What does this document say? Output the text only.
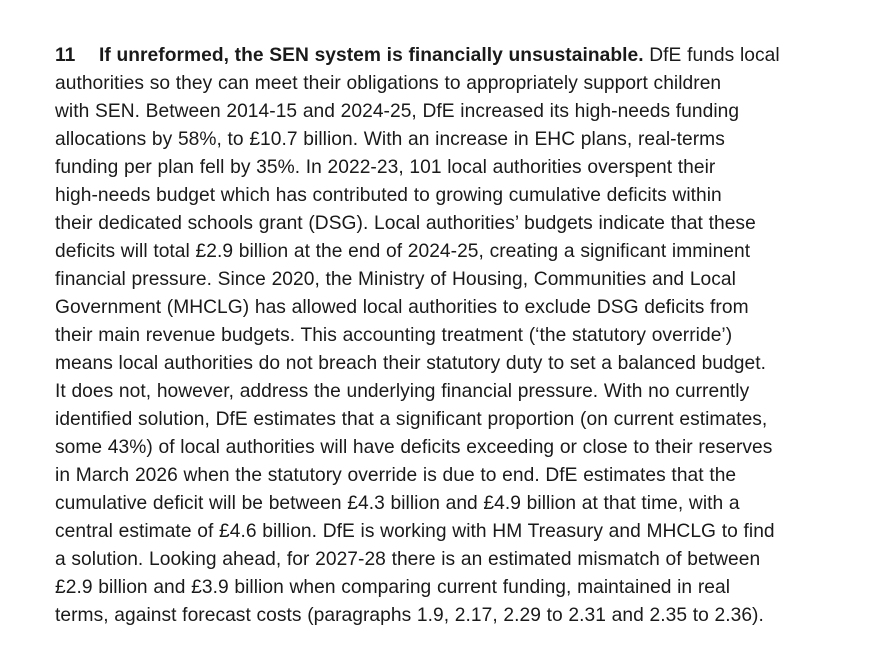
11 If unreformed, the SEN system is financially unsustainable. DfE funds local
authorities so they can meet their obligations to appropriately support children
with SEN. Between 2014-15 and 2024-25, DfE increased its high-needs funding
allocations by 58%, to £10.7 billion. With an increase in EHC plans, real-terms
funding per plan fell by 35%. In 2022-23, 101 local authorities overspent their
high-needs budget which has contributed to growing cumulative deficits within
their dedicated schools grant (DSG). Local authorities’ budgets indicate that these
deficits will total £2.9 billion at the end of 2024-25, creating a significant imminent
financial pressure. Since 2020, the Ministry of Housing, Communities and Local
Government (MHCLG) has allowed local authorities to exclude DSG deficits from
their main revenue budgets. This accounting treatment (‘the statutory override’)
means local authorities do not breach their statutory duty to set a balanced budget.
It does not, however, address the underlying financial pressure. With no currently
identified solution, DfE estimates that a significant proportion (on current estimates,
some 43%) of local authorities will have deficits exceeding or close to their reserves
in March 2026 when the statutory override is due to end. DfE estimates that the
cumulative deficit will be between £4.3 billion and £4.9 billion at that time, with a
central estimate of £4.6 billion. DfE is working with HM Treasury and MHCLG to find
a solution. Looking ahead, for 2027-28 there is an estimated mismatch of between
£2.9 billion and £3.9 billion when comparing current funding, maintained in real
terms, against forecast costs (paragraphs 1.9, 2.17, 2.29 to 2.31 and 2.35 to 2.36).
